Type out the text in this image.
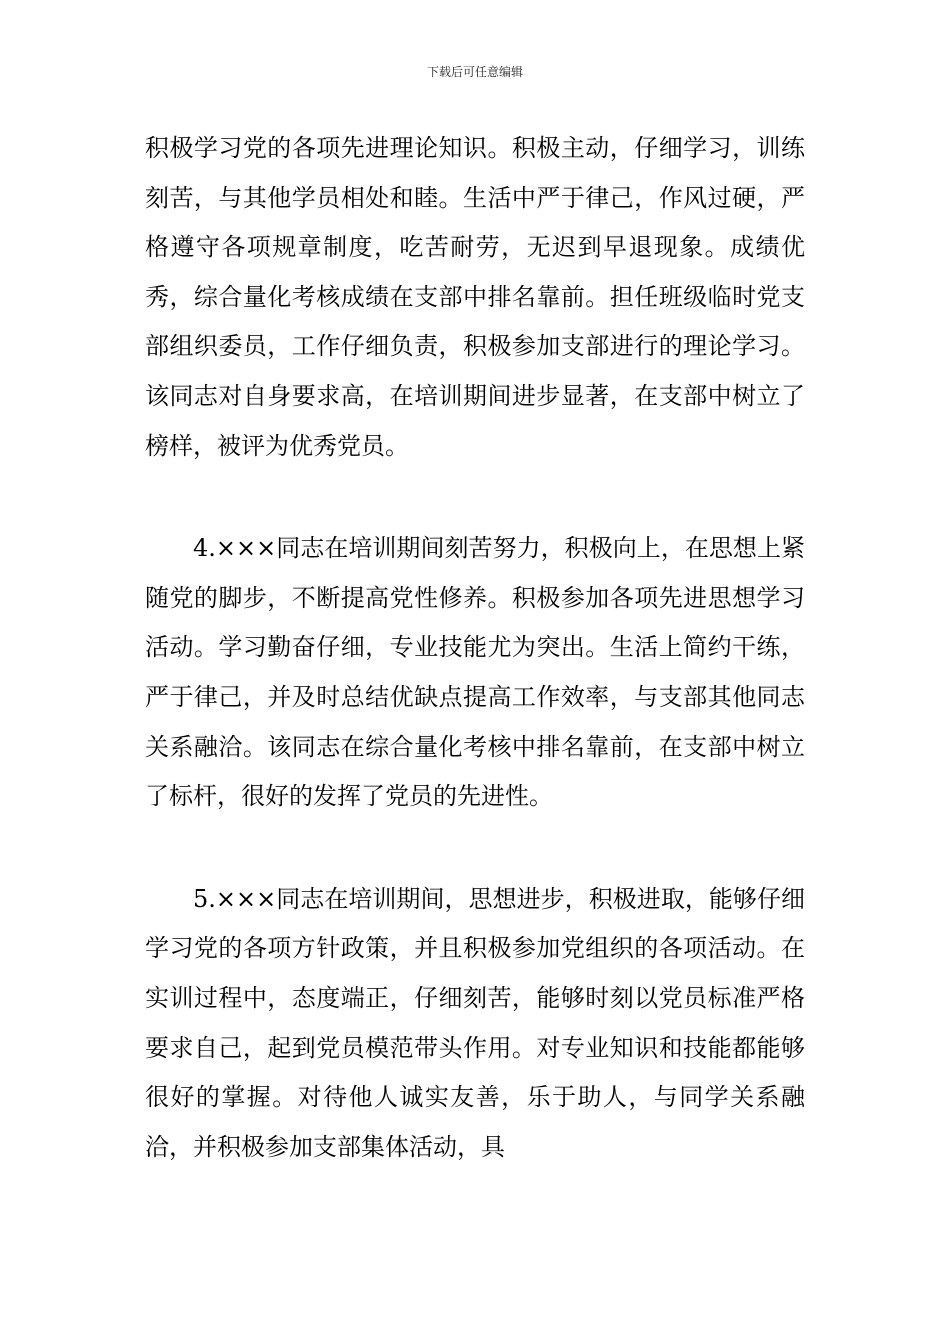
下载后可任意编辑

积极学习党的各项先进理论知识。积极主动，仔细学习，训练刻苦，与其他学员相处和睦。生活中严于律己，作风过硬，严格遵守各项规章制度，吃苦耐劳，无迟到早退现象。成绩优秀，综合量化考核成绩在支部中排名靠前。担任班级临时党支部组织委员，工作仔细负责，积极参加支部进行的理论学习。该同志对自身要求高，在培训期间进步显著，在支部中树立了榜样，被评为优秀党员。

4.×××同志在培训期间刻苦努力，积极向上，在思想上紧随党的脚步，不断提高党性修养。积极参加各项先进思想学习活动。学习勤奋仔细，专业技能尤为突出。生活上简约干练，严于律己，并及时总结优缺点提高工作效率，与支部其他同志关系融洽。该同志在综合量化考核中排名靠前，在支部中树立了标杆，很好的发挥了党员的先进性。

5.×××同志在培训期间，思想进步，积极进取，能够仔细学习党的各项方针政策，并且积极参加党组织的各项活动。在实训过程中，态度端正，仔细刻苦，能够时刻以党员标准严格要求自己，起到党员模范带头作用。对专业知识和技能都能够很好的掌握。对待他人诚实友善，乐于助人，与同学关系融洽，并积极参加支部集体活动，具
